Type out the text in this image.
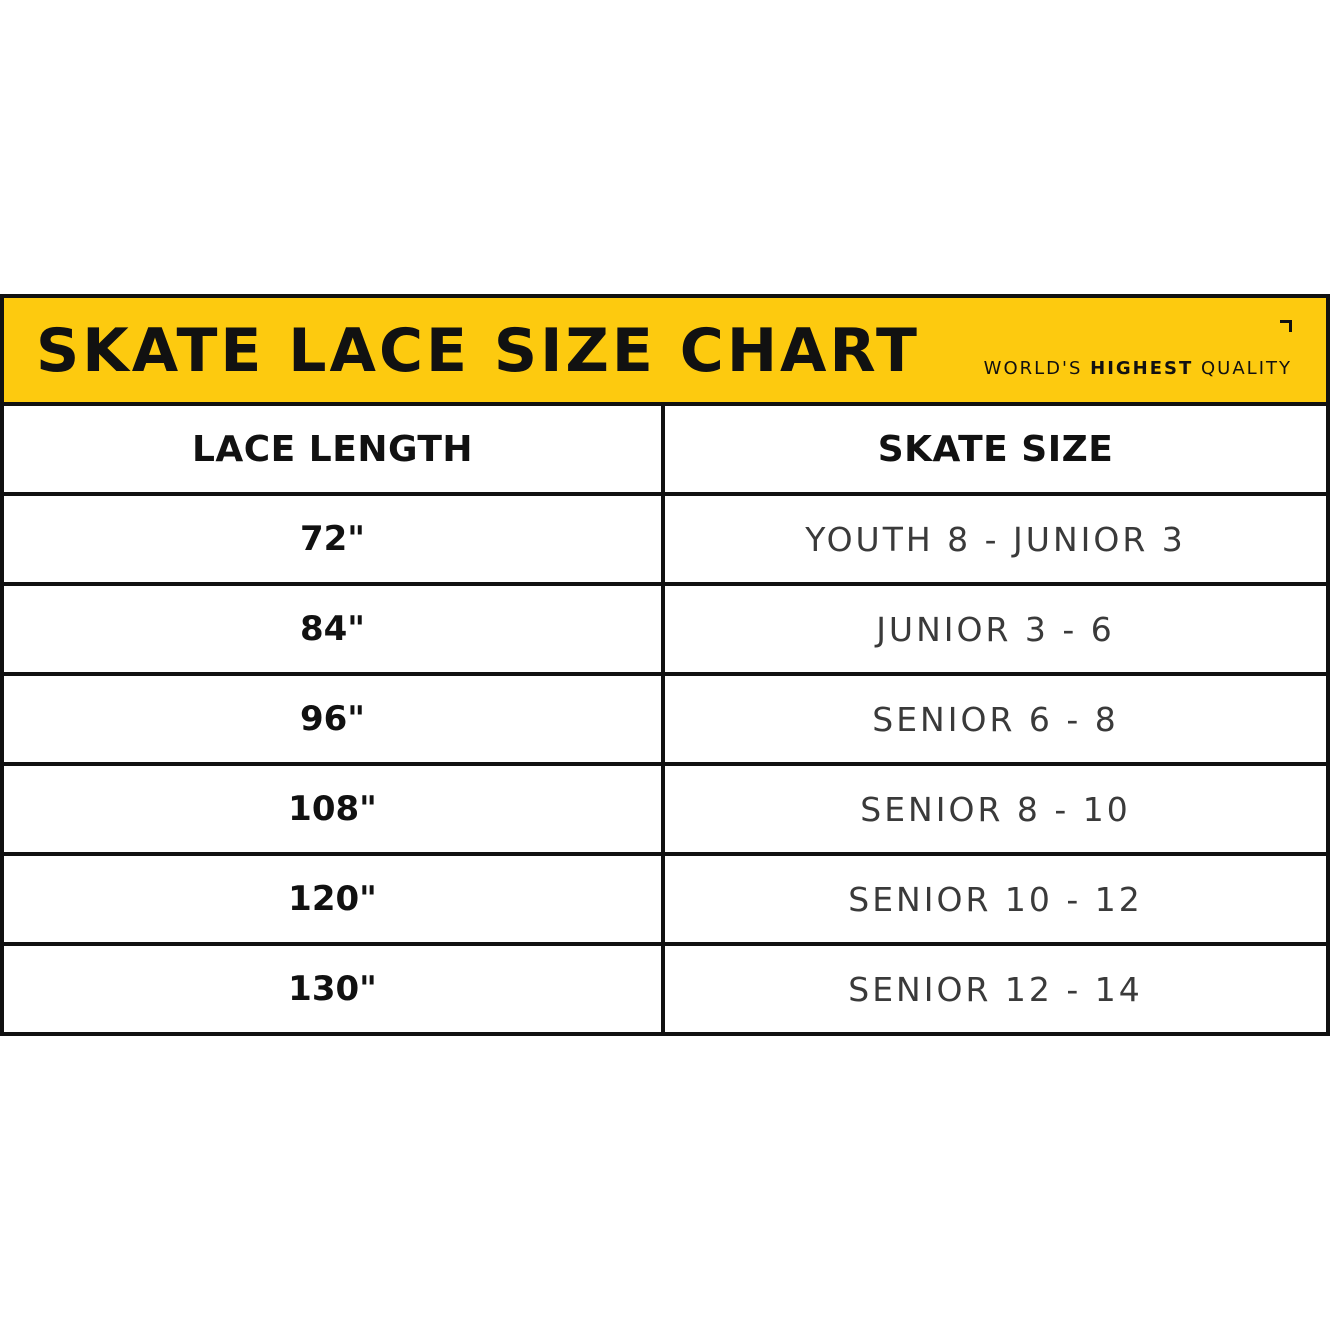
SKATE LACE SIZE CHART	WORLD'S HIGHEST QUALITY
LACE LENGTH	SKATE SIZE
72"	YOUTH 8 - JUNIOR 3
84"	JUNIOR 3 - 6
96"	SENIOR 6 - 8
108"	SENIOR 8 - 10
120"	SENIOR 10 - 12
130"	SENIOR 12 - 14
